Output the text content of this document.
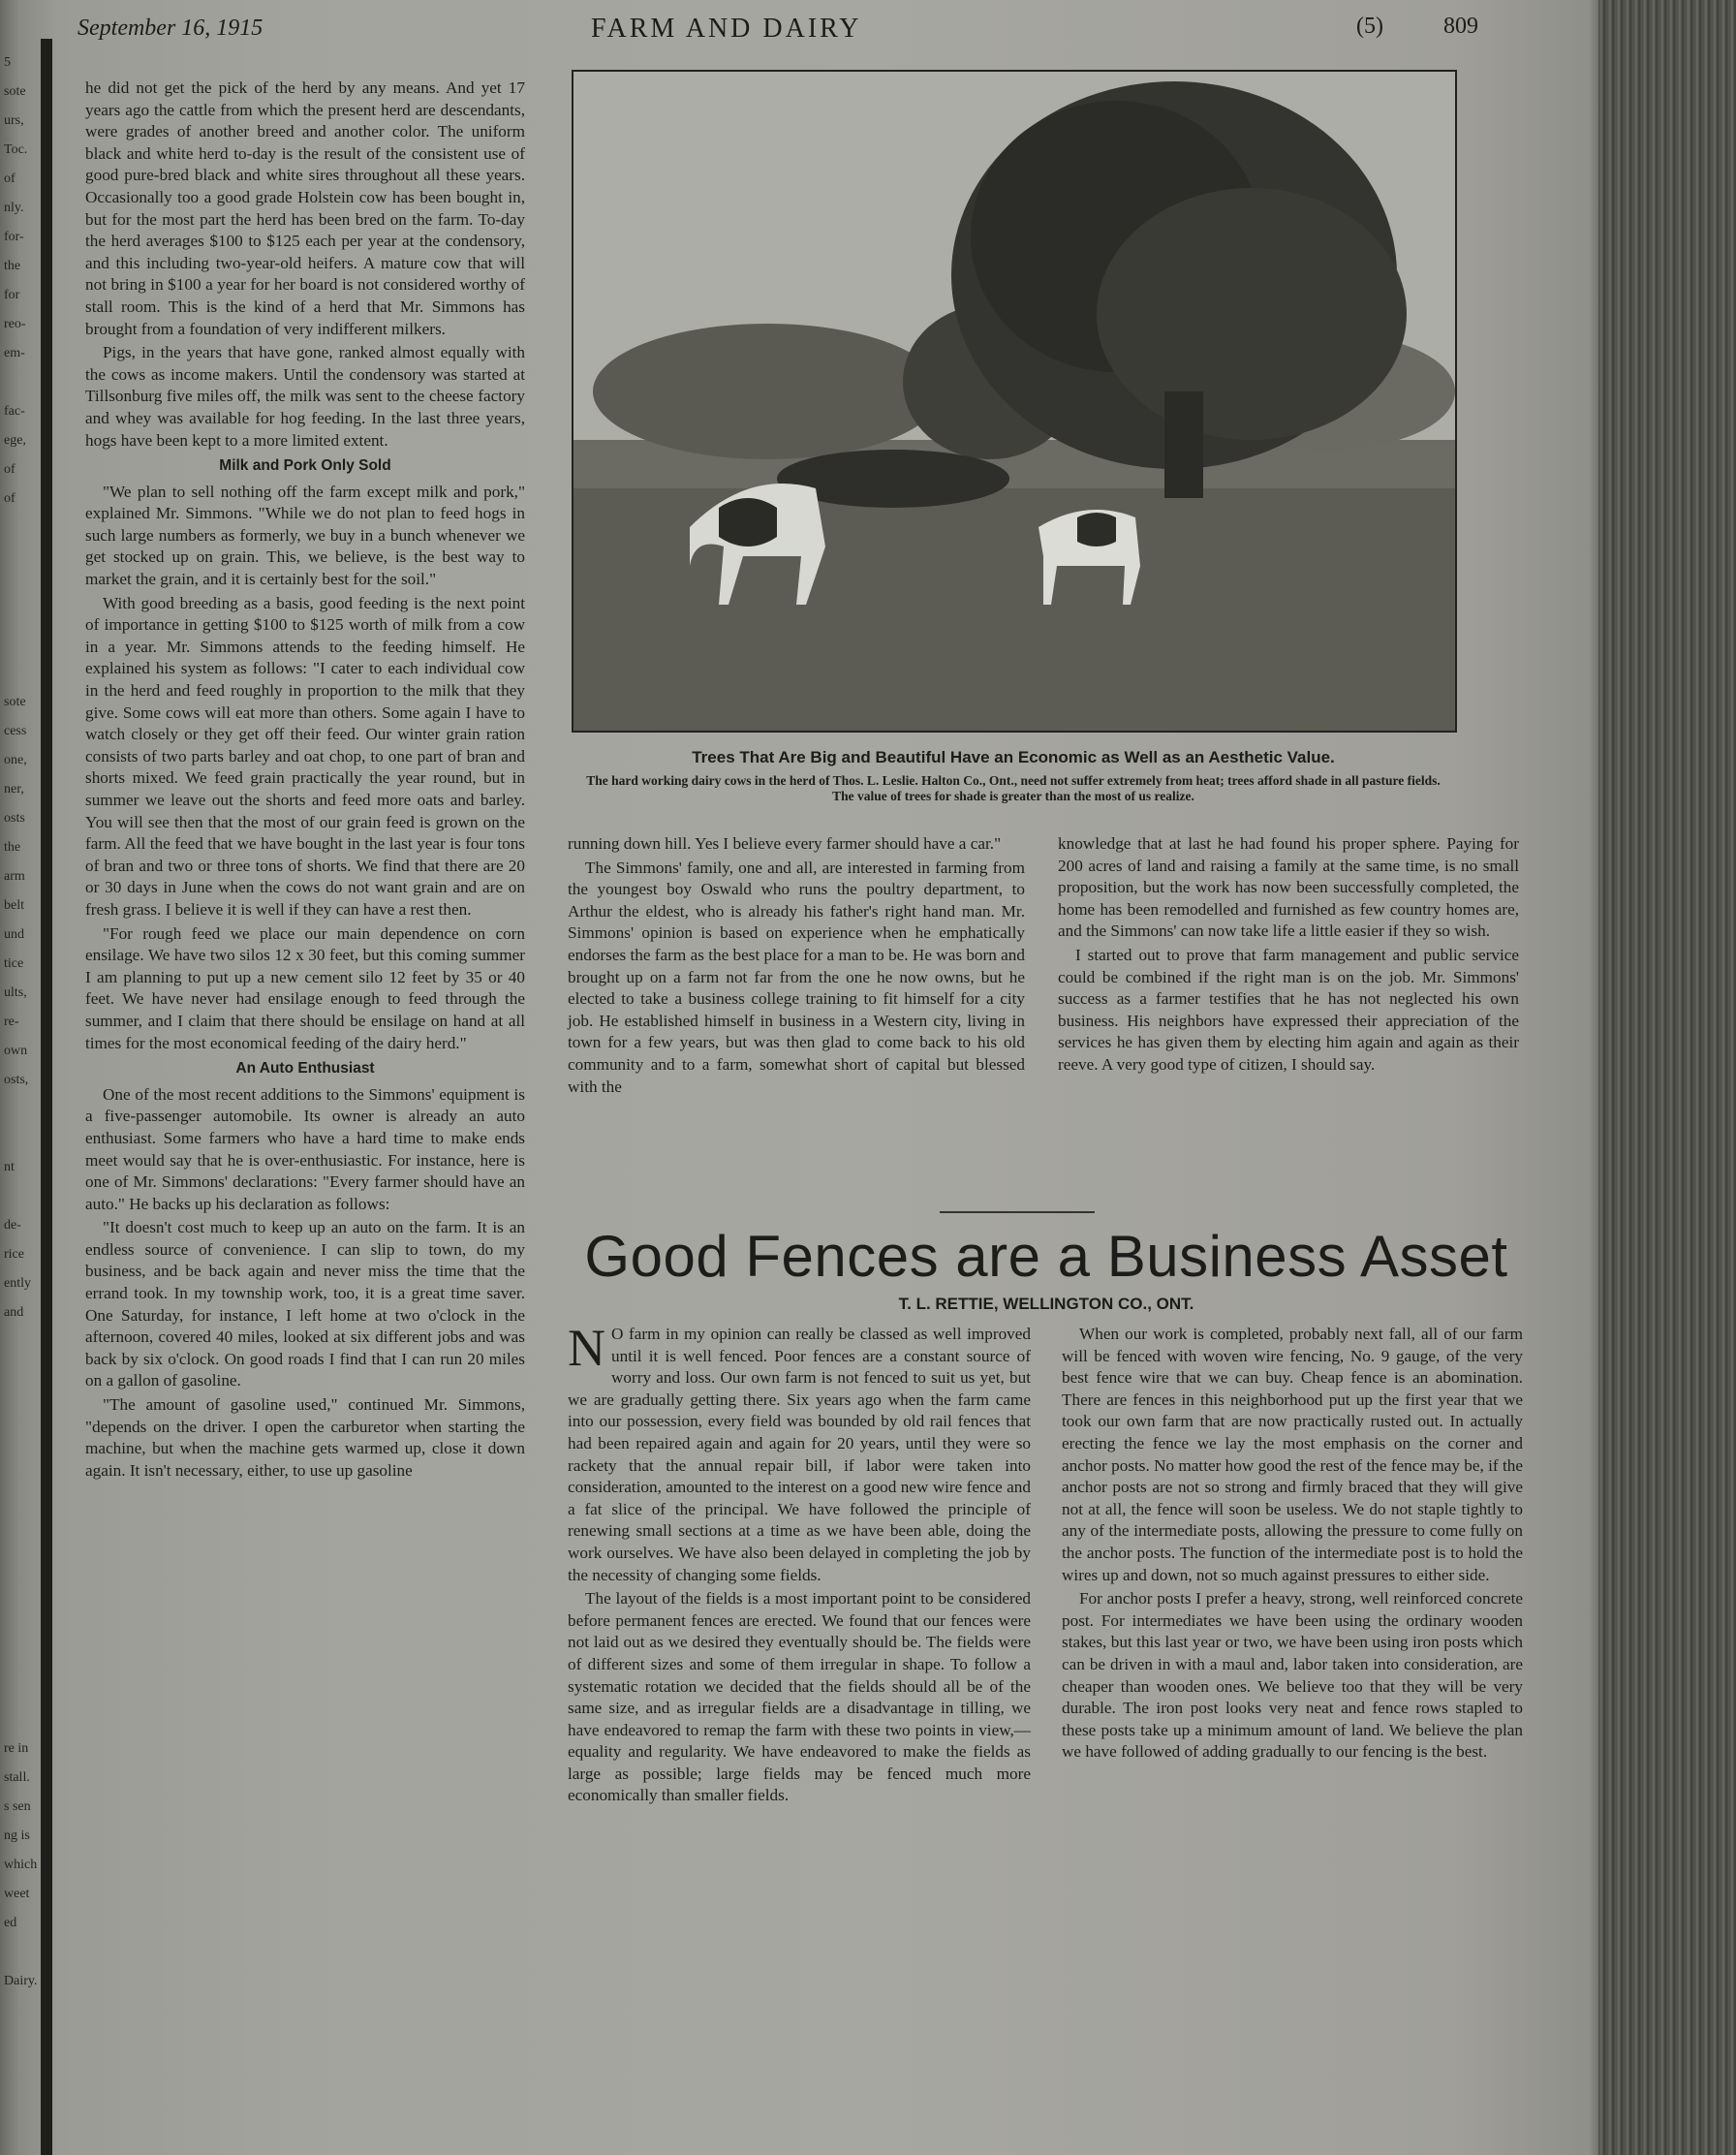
5
sote
urs,
Toc.
of
nly.
for-
the
for
reo-
em-

fac-
ege,
of
of

sote
cess
one,
ner,
osts
the
arm
belt
und
tice
ults,
re-
own
osts,

nt

de-
rice
ently
and

re in
stall.
s sen
ng is
which
weet
ed

Dairy.
September 16, 1915	FARM AND DAIRY	(5)	809

he did not get the pick of the herd by any means. And yet 17 years ago the cattle from which the present herd are descendants, were grades of another breed and another color. The uniform black and white herd to-day is the result of the consistent use of good pure-bred black and white sires throughout all these years. Occasionally too a good grade Holstein cow has been bought in, but for the most part the herd has been bred on the farm. To-day the herd averages $100 to $125 each per year at the condensory, and this including two-year-old heifers. A mature cow that will not bring in $100 a year for her board is not considered worthy of stall room. This is the kind of a herd that Mr. Simmons has brought from a foundation of very indifferent milkers.

Pigs, in the years that have gone, ranked almost equally with the cows as income makers. Until the condensory was started at Tillsonburg five miles off, the milk was sent to the cheese factory and whey was available for hog feeding. In the last three years, hogs have been kept to a more limited extent.

Milk and Pork Only Sold

"We plan to sell nothing off the farm except milk and pork," explained Mr. Simmons. "While we do not plan to feed hogs in such large numbers as formerly, we buy in a bunch whenever we get stocked up on grain. This, we believe, is the best way to market the grain, and it is certainly best for the soil."

With good breeding as a basis, good feeding is the next point of importance in getting $100 to $125 worth of milk from a cow in a year. Mr. Simmons attends to the feeding himself. He explained his system as follows: "I cater to each individual cow in the herd and feed roughly in proportion to the milk that they give. Some cows will eat more than others. Some again I have to watch closely or they get off their feed. Our winter grain ration consists of two parts barley and oat chop, to one part of bran and shorts mixed. We feed grain practically the year round, but in summer we leave out the shorts and feed more oats and barley. You will see then that the most of our grain feed is grown on the farm. All the feed that we have bought in the last year is four tons of bran and two or three tons of shorts. We find that there are 20 or 30 days in June when the cows do not want grain and are on fresh grass. I believe it is well if they can have a rest then.

"For rough feed we place our main dependence on corn ensilage. We have two silos 12 x 30 feet, but this coming summer I am planning to put up a new cement silo 12 feet by 35 or 40 feet. We have never had ensilage enough to feed through the summer, and I claim that there should be ensilage on hand at all times for the most economical feeding of the dairy herd."

An Auto Enthusiast

One of the most recent additions to the Simmons' equipment is a five-passenger automobile. Its owner is already an auto enthusiast. Some farmers who have a hard time to make ends meet would say that he is over-enthusiastic. For instance, here is one of Mr. Simmons' declarations: "Every farmer should have an auto." He backs up his declaration as follows:

"It doesn't cost much to keep up an auto on the farm. It is an endless source of convenience. I can slip to town, do my business, and be back again and never miss the time that the errand took. In my township work, too, it is a great time saver. One Saturday, for instance, I left home at two o'clock in the afternoon, covered 40 miles, looked at six different jobs and was back by six o'clock. On good roads I find that I can run 20 miles on a gallon of gasoline.

"The amount of gasoline used," continued Mr. Simmons, "depends on the driver. I open the carburetor when starting the machine, but when the machine gets warmed up, close it down again. It isn't necessary, either, to use up gasoline

Trees That Are Big and Beautiful Have an Economic as Well as an Aesthetic Value.
The hard working dairy cows in the herd of Thos. L. Leslie. Halton Co., Ont., need not suffer extremely from heat; trees afford shade in all pasture fields. The value of trees for shade is greater than the most of us realize.

running down hill. Yes I believe every farmer should have a car."

The Simmons' family, one and all, are interested in farming from the youngest boy Oswald who runs the poultry department, to Arthur the eldest, who is already his father's right hand man. Mr. Simmons' opinion is based on experience when he emphatically endorses the farm as the best place for a man to be. He was born and brought up on a farm not far from the one he now owns, but he elected to take a business college training to fit himself for a city job. He established himself in business in a Western city, living in town for a few years, but was then glad to come back to his old community and to a farm, somewhat short of capital but blessed with the

knowledge that at last he had found his proper sphere. Paying for 200 acres of land and raising a family at the same time, is no small proposition, but the work has now been successfully completed, the home has been remodelled and furnished as few country homes are, and the Simmons' can now take life a little easier if they so wish.

I started out to prove that farm management and public service could be combined if the right man is on the job. Mr. Simmons' success as a farmer testifies that he has not neglected his own business. His neighbors have expressed their appreciation of the services he has given them by electing him again and again as their reeve. A very good type of citizen, I should say.

Good Fences are a Business Asset
T. L. RETTIE, WELLINGTON CO., ONT.

N O farm in my opinion can really be classed as well improved until it is well fenced. Poor fences are a constant source of worry and loss. Our own farm is not fenced to suit us yet, but we are gradually getting there. Six years ago when the farm came into our possession, every field was bounded by old rail fences that had been repaired again and again for 20 years, until they were so rackety that the annual repair bill, if labor were taken into consideration, amounted to the interest on a good new wire fence and a fat slice of the principal. We have followed the principle of renewing small sections at a time as we have been able, doing the work ourselves. We have also been delayed in completing the job by the necessity of changing some fields.

The layout of the fields is a most important point to be considered before permanent fences are erected. We found that our fences were not laid out as we desired they eventually should be. The fields were of different sizes and some of them irregular in shape. To follow a systematic rotation we decided that the fields should all be of the same size, and as irregular fields are a disadvantage in tilling, we have endeavored to remap the farm with these two points in view,—equality and regularity. We have endeavored to make the fields as large as possible; large fields may be fenced much more economically than smaller fields.

When our work is completed, probably next fall, all of our farm will be fenced with woven wire fencing, No. 9 gauge, of the very best fence wire that we can buy. Cheap fence is an abomination. There are fences in this neighborhood put up the first year that we took our own farm that are now practically rusted out. In actually erecting the fence we lay the most emphasis on the corner and anchor posts. No matter how good the rest of the fence may be, if the anchor posts are not so strong and firmly braced that they will give not at all, the fence will soon be useless. We do not staple tightly to any of the intermediate posts, allowing the pressure to come fully on the anchor posts. The function of the intermediate post is to hold the wires up and down, not so much against pressures to either side.

For anchor posts I prefer a heavy, strong, well reinforced concrete post. For intermediates we have been using the ordinary wooden stakes, but this last year or two, we have been using iron posts which can be driven in with a maul and, labor taken into consideration, are cheaper than wooden ones. We believe too that they will be very durable. The iron post looks very neat and fence rows stapled to these posts take up a minimum amount of land. We believe the plan we have followed of adding gradually to our fencing is the best.
